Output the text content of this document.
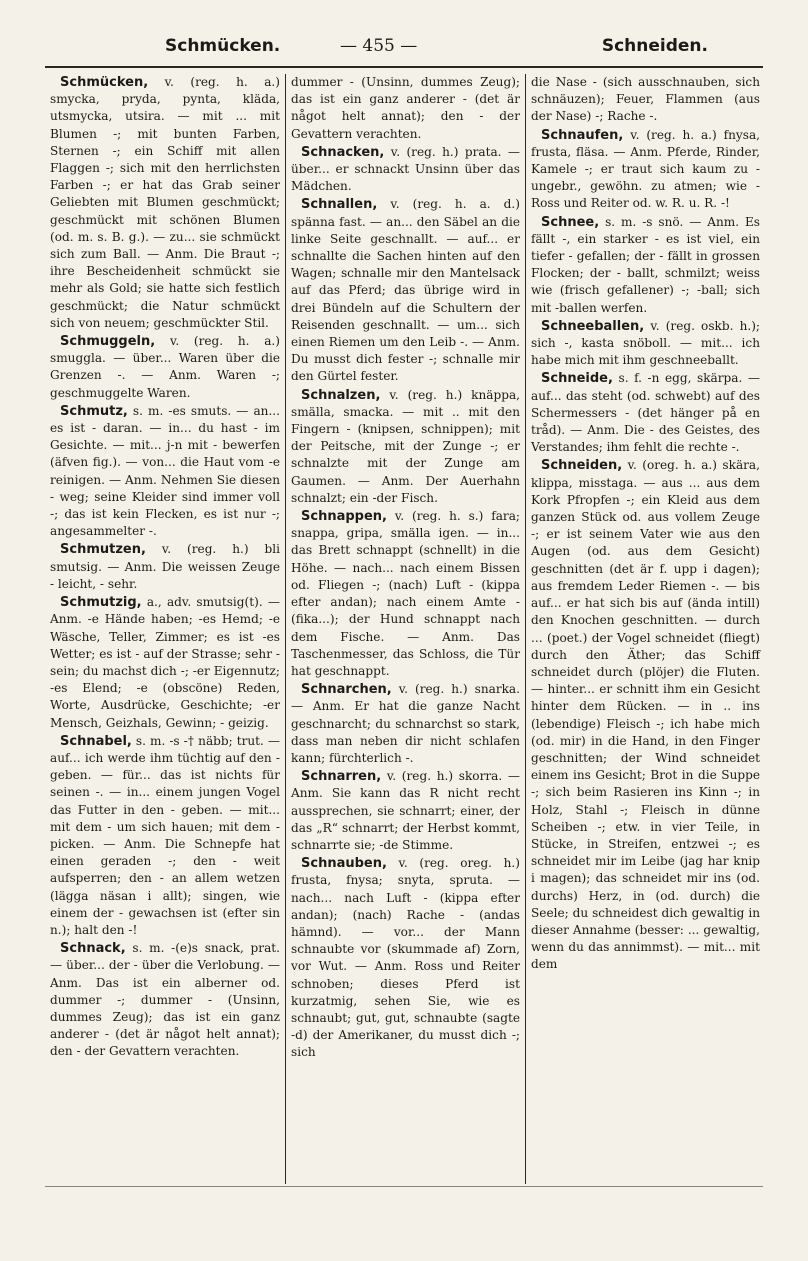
Schmücken.	— 455 —	Schneiden.
Schmücken, v. (reg. h. a.) smycka, pryda, pynta, kläda, utsmycka, utsira. — mit ... mit Blumen -; mit bunten Farben, Sternen -; ein Schiff mit allen Flaggen -; sich mit den herrlichsten Farben -; er hat das Grab seiner Geliebten mit Blumen geschmückt; geschmückt mit schönen Blumen (od. m. s. B. g.). — zu... sie schmückt sich zum Ball. — Anm. Die Braut -; ihre Bescheidenheit schmückt sie mehr als Gold; sie hatte sich festlich geschmückt; die Natur schmückt sich von neuem; geschmückter Stil.
Schmuggeln, v. (reg. h. a.) smuggla. — über... Waren über die Grenzen -. — Anm. Waren -; geschmuggelte Waren.
Schmutz, s. m. -es smuts. — an... es ist - daran. — in... du hast - im Gesichte. — mit... j-n mit - bewerfen (äfven fig.). — von... die Haut vom -e reinigen. — Anm. Nehmen Sie diesen - weg; seine Kleider sind immer voll -; das ist kein Flecken, es ist nur -; angesammelter -.
Schmutzen, v. (reg. h.) bli smutsig. — Anm. Die weissen Zeuge - leicht, - sehr.
Schmutzig, a., adv. smutsig(t). — Anm. -e Hände haben; -es Hemd; -e Wäsche, Teller, Zimmer; es ist -es Wetter; es ist - auf der Strasse; sehr - sein; du machst dich -; -er Eigennutz; -es Elend; -e (obscöne) Reden, Worte, Ausdrücke, Geschichte; -er Mensch, Geizhals, Gewinn; - geizig.
Schnabel, s. m. -s -† näbb; trut. — auf... ich werde ihm tüchtig auf den - geben. — für... das ist nichts für seinen -. — in... einem jungen Vogel das Futter in den - geben. — mit... mit dem - um sich hauen; mit dem - picken. — Anm. Die Schnepfe hat einen geraden -; den - weit aufsperren; den - an allem wetzen (lägga näsan i allt); singen, wie einem der - gewachsen ist (efter sin n.); halt den -!
Schnack, s. m. -(e)s snack, prat. — über... der - über die Verlobung. — Anm. Das ist ein alberner od. dummer -; dummer - (Unsinn, dummes Zeug); das ist ein ganz anderer - (det är något helt annat); den - der Gevattern verachten.
dummer - (Unsinn, dummes Zeug); das ist ein ganz anderer - (det är något helt annat); den - der Gevattern verachten.
Schnacken, v. (reg. h.) prata. — über... er schnackt Unsinn über das Mädchen.
Schnallen, v. (reg. h. a. d.) spänna fast. — an... den Säbel an die linke Seite geschnallt. — auf... er schnallte die Sachen hinten auf den Wagen; schnalle mir den Mantelsack auf das Pferd; das übrige wird in drei Bündeln auf die Schultern der Reisenden geschnallt. — um... sich einen Riemen um den Leib -. — Anm. Du musst dich fester -; schnalle mir den Gürtel fester.
Schnalzen, v. (reg. h.) knäppa, smälla, smacka. — mit .. mit den Fingern - (knipsen, schnippen); mit der Peitsche, mit der Zunge -; er schnalzte mit der Zunge am Gaumen. — Anm. Der Auerhahn schnalzt; ein -der Fisch.
Schnappen, v. (reg. h. s.) fara; snappa, gripa, smälla igen. — in... das Brett schnappt (schnellt) in die Höhe. — nach... nach einem Bissen od. Fliegen -; (nach) Luft - (kippa efter andan); nach einem Amte - (fika...); der Hund schnappt nach dem Fische. — Anm. Das Taschenmesser, das Schloss, die Tür hat geschnappt.
Schnarchen, v. (reg. h.) snarka. — Anm. Er hat die ganze Nacht geschnarcht; du schnarchst so stark, dass man neben dir nicht schlafen kann; fürchterlich -.
Schnarren, v. (reg. h.) skorra. — Anm. Sie kann das R nicht recht aussprechen, sie schnarrt; einer, der das „R“ schnarrt; der Herbst kommt, schnarrte sie; -de Stimme.
Schnauben, v. (reg. oreg. h.) frusta, fnysa; snyta, spruta. — nach... nach Luft - (kippa efter andan); (nach) Rache - (andas hämnd). — vor... der Mann schnaubte vor (skummade af) Zorn, vor Wut. — Anm. Ross und Reiter schnoben; dieses Pferd ist kurzatmig, sehen Sie, wie es schnaubt; gut, gut, schnaubte (sagte -d) der Amerikaner, du musst dich -; sich
die Nase - (sich ausschnauben, sich schnäuzen); Feuer, Flammen (aus der Nase) -; Rache -.
Schnaufen, v. (reg. h. a.) fnysa, frusta, fläsa. — Anm. Pferde, Rinder, Kamele -; er traut sich kaum zu - ungebr., gewöhn. zu atmen; wie - Ross und Reiter od. w. R. u. R. -!
Schnee, s. m. -s snö. — Anm. Es fällt -, ein starker - es ist viel, ein tiefer - gefallen; der - fällt in grossen Flocken; der - ballt, schmilzt; weiss wie (frisch gefallener) -; -ball; sich mit -ballen werfen.
Schneeballen, v. (reg. oskb. h.); sich -, kasta snöboll. — mit... ich habe mich mit ihm geschneeballt.
Schneide, s. f. -n egg, skärpa. — auf... das steht (od. schwebt) auf des Schermessers - (det hänger på en tråd). — Anm. Die - des Geistes, des Verstandes; ihm fehlt die rechte -.
Schneiden, v. (oreg. h. a.) skära, klippa, misstaga. — aus ... aus dem Kork Pfropfen -; ein Kleid aus dem ganzen Stück od. aus vollem Zeuge -; er ist seinem Vater wie aus den Augen (od. aus dem Gesicht) geschnitten (det är f. upp i dagen); aus fremdem Leder Riemen -. — bis auf... er hat sich bis auf (ända intill) den Knochen geschnitten. — durch ... (poet.) der Vogel schneidet (fliegt) durch den Äther; das Schiff schneidet durch (plöjer) die Fluten. — hinter... er schnitt ihm ein Gesicht hinter dem Rücken. — in .. ins (lebendige) Fleisch -; ich habe mich (od. mir) in die Hand, in den Finger geschnitten; der Wind schneidet einem ins Gesicht; Brot in die Suppe -; sich beim Rasieren ins Kinn -; in Holz, Stahl -; Fleisch in dünne Scheiben -; etw. in vier Teile, in Stücke, in Streifen, entzwei -; es schneidet mir im Leibe (jag har knip i magen); das schneidet mir ins (od. durchs) Herz, in (od. durch) die Seele; du schneidest dich gewaltig in dieser Annahme (besser: ... gewaltig, wenn du das annimmst). — mit... mit dem
